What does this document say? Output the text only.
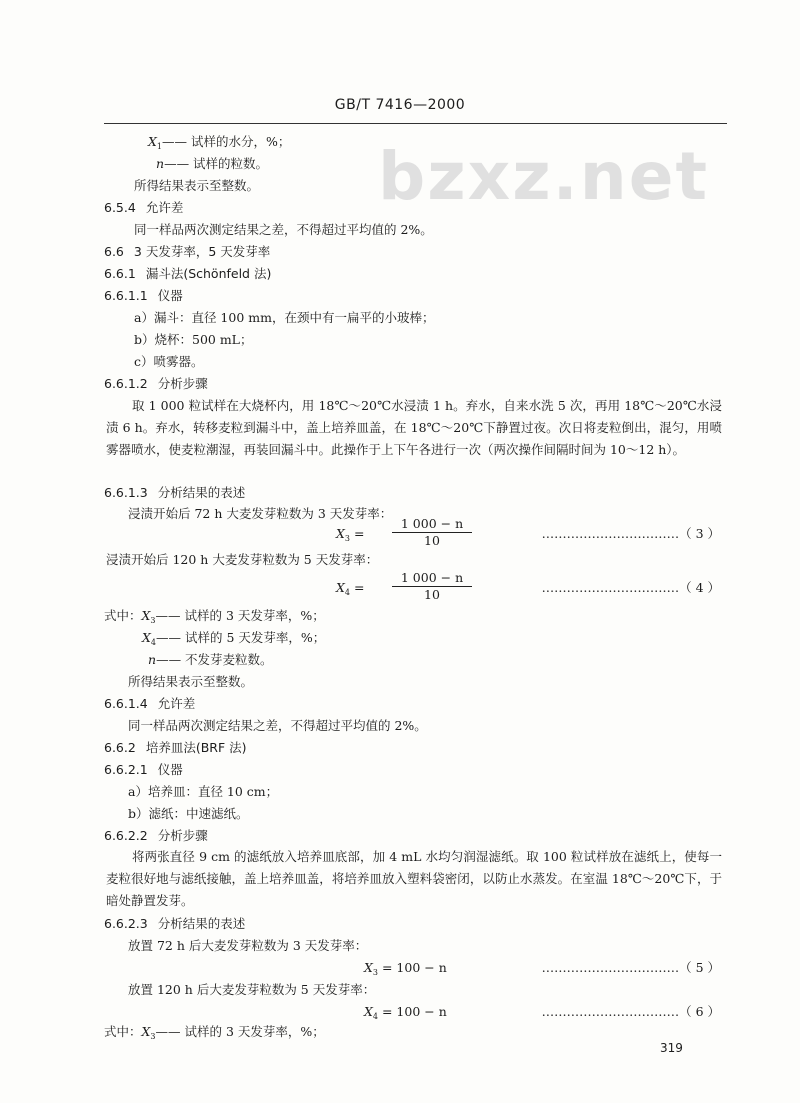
GB/T 7416—2000
bzxz.net
$X_1——$ 试样的水分，%；
n—— 试样的粒数。
所得结果表示至整数。
6.5.4 允许差
同一样品两次测定结果之差，不得超过平均值的 2%。
6.6 3 天发芽率，5 天发芽率
6.6.1 漏斗法(Schönfeld 法)
6.6.1.1 仪器
a）漏斗：直径 100 mm，在颈中有一扁平的小玻棒；
b）烧杯：500 mL；
c）喷雾器。
6.6.1.2 分析步骤
取 1 000 粒试样在大烧杯内，用 18℃～20℃水浸渍 1 h。弃水，自来水洗 5 次，再用 18℃～20℃水浸渍 6 h。弃水，转移麦粒到漏斗中，盖上培养皿盖，在 18℃～20℃下静置过夜。次日将麦粒倒出，混匀，用喷雾器喷水，使麦粒潮湿，再装回漏斗中。此操作于上下午各进行一次（两次操作间隔时间为 10～12 h）。
6.6.1.3 分析结果的表述
浸渍开始后 72 h 大麦发芽粒数为 3 天发芽率：
$X_3 = \frac{1 000 - n}{10}$	……………………………（ 3 ）
浸渍开始后 120 h 大麦发芽粒数为 5 天发芽率：
$X_4 = \frac{1 000 - n}{10}$	……………………………（ 4 ）
式中：$X_3——$ 试样的 3 天发芽率，%；
$X_4——$ 试样的 5 天发芽率，%；
n—— 不发芽麦粒数。
所得结果表示至整数。
6.6.1.4 允许差
同一样品两次测定结果之差，不得超过平均值的 2%。
6.6.2 培养皿法(BRF 法)
6.6.2.1 仪器
a）培养皿：直径 10 cm；
b）滤纸：中速滤纸。
6.6.2.2 分析步骤
将两张直径 9 cm 的滤纸放入培养皿底部，加 4 mL 水均匀润湿滤纸。取 100 粒试样放在滤纸上，使每一麦粒很好地与滤纸接触，盖上培养皿盖，将培养皿放入塑料袋密闭，以防止水蒸发。在室温 18℃～20℃下，于暗处静置发芽。
6.6.2.3 分析结果的表述
放置 72 h 后大麦发芽粒数为 3 天发芽率：
$X_3 = 100 - n$	……………………………（ 5 ）
放置 120 h 后大麦发芽粒数为 5 天发芽率：
$X_4 = 100 - n$	……………………………（ 6 ）
式中：$X_3——$ 试样的 3 天发芽率，%；
319
